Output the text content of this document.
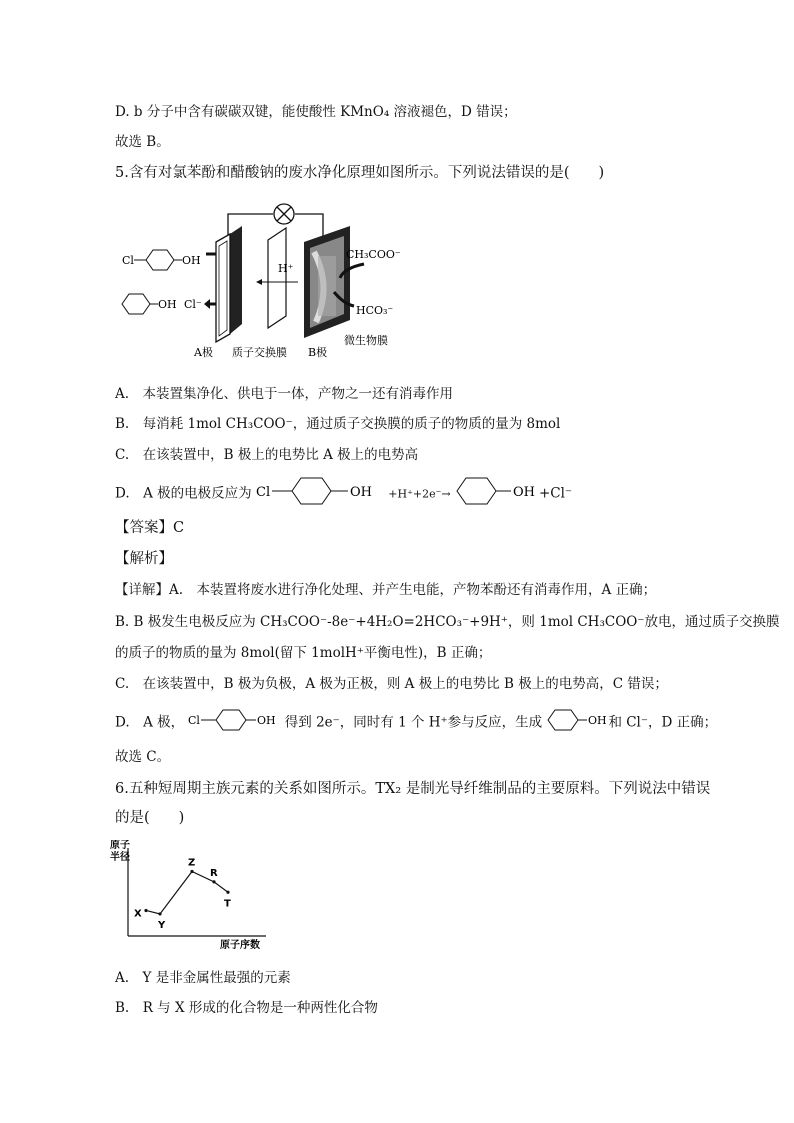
D. b 分子中含有碳碳双键，能使酸性 KMnO₄ 溶液褪色，D 错误；
故选 B。
5.含有对氯苯酚和醋酸钠的废水净化原理如图所示。下列说法错误的是(　　)
H⁺
CH₃COO⁻
HCO₃⁻
Cl	OH
OH Cl⁻
A极 质子交换膜 B极
微生物膜
A.　本装置集净化、供电于一体，产物之一还有消毒作用
B.　每消耗 1mol CH₃COO⁻，通过质子交换膜的质子的物质的量为 8mol
C.　在该装置中，B 极上的电势比 A 极上的电势高
D.　A 极的电极反应为 Cl	OH +H⁺+2e⁻→	OH +Cl⁻
【答案】C
【解析】
【详解】A.　本装置将废水进行净化处理、并产生电能，产物苯酚还有消毒作用，A 正确；
B. B 极发生电极反应为 CH₃COO⁻-8e⁻+4H₂O=2HCO₃⁻+9H⁺，则 1mol CH₃COO⁻放电，通过质子交换膜
的质子的物质的量为 8mol(留下 1molH⁺平衡电性)，B 正确；
C.　在该装置中，B 极为负极，A 极为正极，则 A 极上的电势比 B 极上的电势高，C 错误；
D.　A 极， Cl	OH 得到 2e⁻，同时有 1 个 H⁺参与反应，生成	OH 和 Cl⁻，D 正确；
故选 C。
6.五种短周期主族元素的关系如图所示。TX₂ 是制光导纤维制品的主要原料。下列说法中错误
的是(　　)
原子半径
原子序数
X
Y
Z
R
T
A.　Y 是非金属性最强的元素
B.　R 与 X 形成的化合物是一种两性化合物
